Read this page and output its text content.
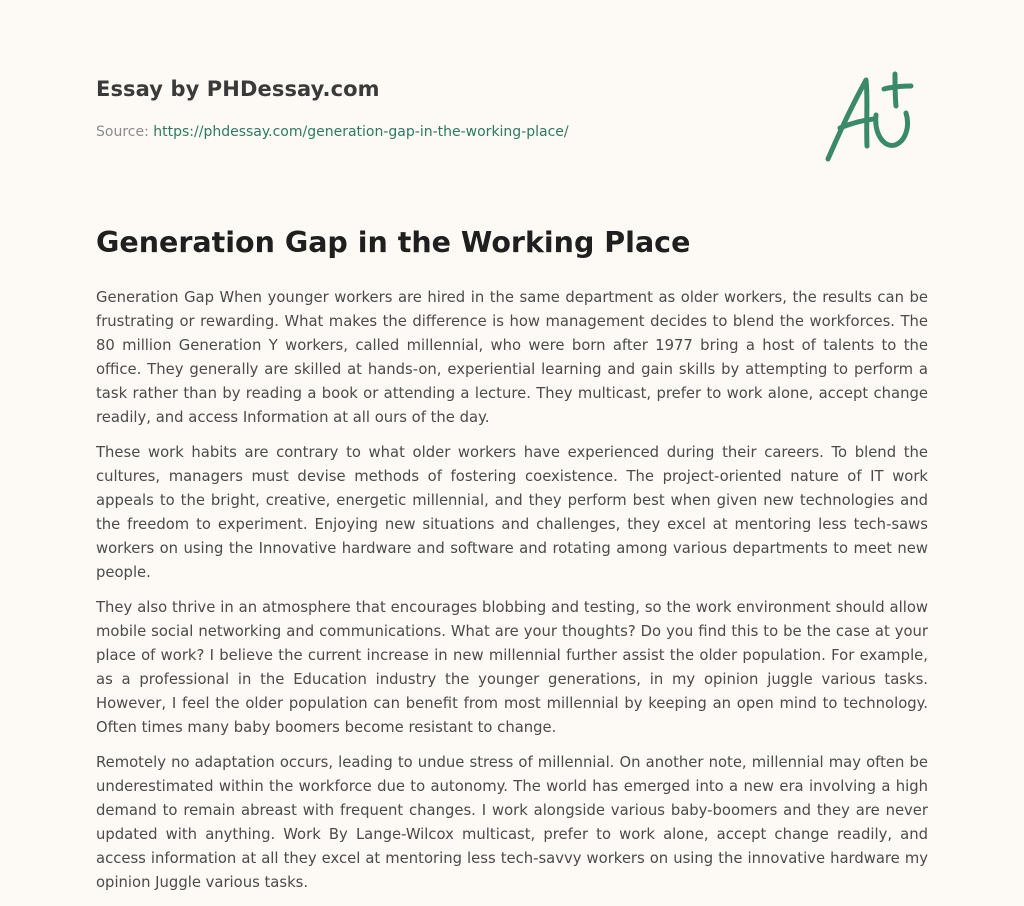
Essay by PHDessay.com
Source: https://phdessay.com/generation-gap-in-the-working-place/
Generation Gap in the Working Place

Generation Gap When younger workers are hired in the same department as older workers, the results can be frustrating or rewarding. What makes the difference is how management decides to blend the workforces. The 80 million Generation Y workers, called millennial, who were born after 1977 bring a host of talents to the office. They generally are skilled at hands-on, experiential learning and gain skills by attempting to perform a task rather than by reading a book or attending a lecture. They multicast, prefer to work alone, accept change readily, and access Information at all ours of the day.

These work habits are contrary to what older workers have experienced during their careers. To blend the cultures, managers must devise methods of fostering coexistence. The project-oriented nature of IT work appeals to the bright, creative, energetic millennial, and they perform best when given new technologies and the freedom to experiment. Enjoying new situations and challenges, they excel at mentoring less tech-saws workers on using the Innovative hardware and software and rotating among various departments to meet new people.

They also thrive in an atmosphere that encourages blobbing and testing, so the work environment should allow mobile social networking and communications. What are your thoughts? Do you find this to be the case at your place of work? I believe the current increase in new millennial further assist the older population. For example, as a professional in the Education industry the younger generations, in my opinion juggle various tasks. However, I feel the older population can benefit from most millennial by keeping an open mind to technology. Often times many baby boomers become resistant to change.

Remotely no adaptation occurs, leading to undue stress of millennial. On another note, millennial may often be underestimated within the workforce due to autonomy. The world has emerged into a new era involving a high demand to remain abreast with frequent changes. I work alongside various baby-boomers and they are never updated with anything. Work By Lange-Wilcox multicast, prefer to work alone, accept change readily, and access information at all they excel at mentoring less tech-savvy workers on using the innovative hardware my opinion Juggle various tasks.
